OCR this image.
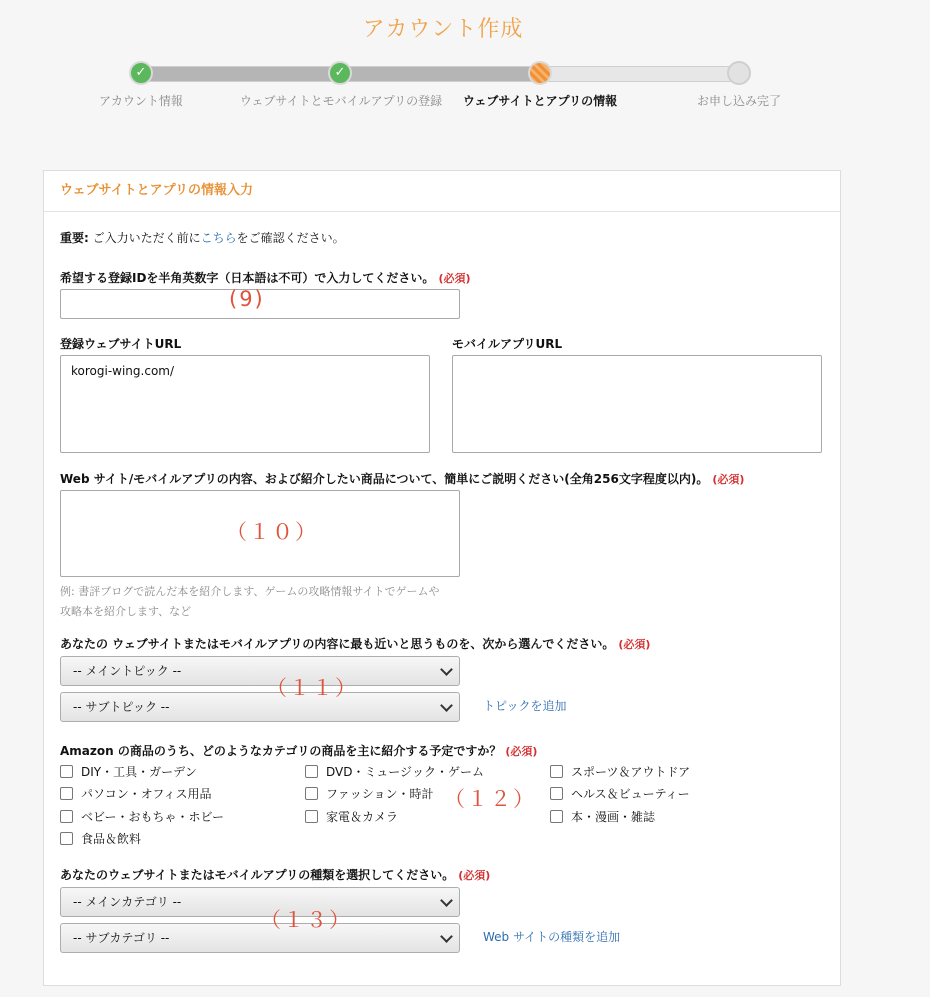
アカウント作成
✓	✓
アカウント情報	ウェブサイトとモバイルアプリの登録	ウェブサイトとアプリの情報	お申し込み完了
ウェブサイトとアプリの情報入力
重要: ご入力いただく前にこちらをご確認ください。
希望する登録IDを半角英数字（日本語は不可）で入力してください。 (必須)
(9)
登録ウェブサイトURL
korogi-wing.com/
モバイルアプリURL
Web サイト/モバイルアプリの内容、および紹介したい商品について、簡単にご説明ください(全角256文字程度以内)。 (必須)
（１０）
例: 書評ブログで読んだ本を紹介します、ゲームの攻略情報サイトでゲームや攻略本を紹介します、など
あなたの ウェブサイトまたはモバイルアプリの内容に最も近いと思うものを、次から選んでください。 (必須)
-- メイントピック --
-- サブトピック --
（１１）
トピックを追加
Amazon の商品のうち、どのようなカテゴリの商品を主に紹介する予定ですか？ (必須)
DIY・工具・ガーデン	DVD・ミュージック・ゲーム	スポーツ＆アウトドア
パソコン・オフィス用品	ファッション・時計	ヘルス＆ビューティー
ベビー・おもちゃ・ホビー	家電＆カメラ	本・漫画・雑誌
食品＆飲料
（１２）
あなたのウェブサイトまたはモバイルアプリの種類を選択してください。 (必須)
-- メインカテゴリ --
-- サブカテゴリ --
（１３）
Web サイトの種類を追加
